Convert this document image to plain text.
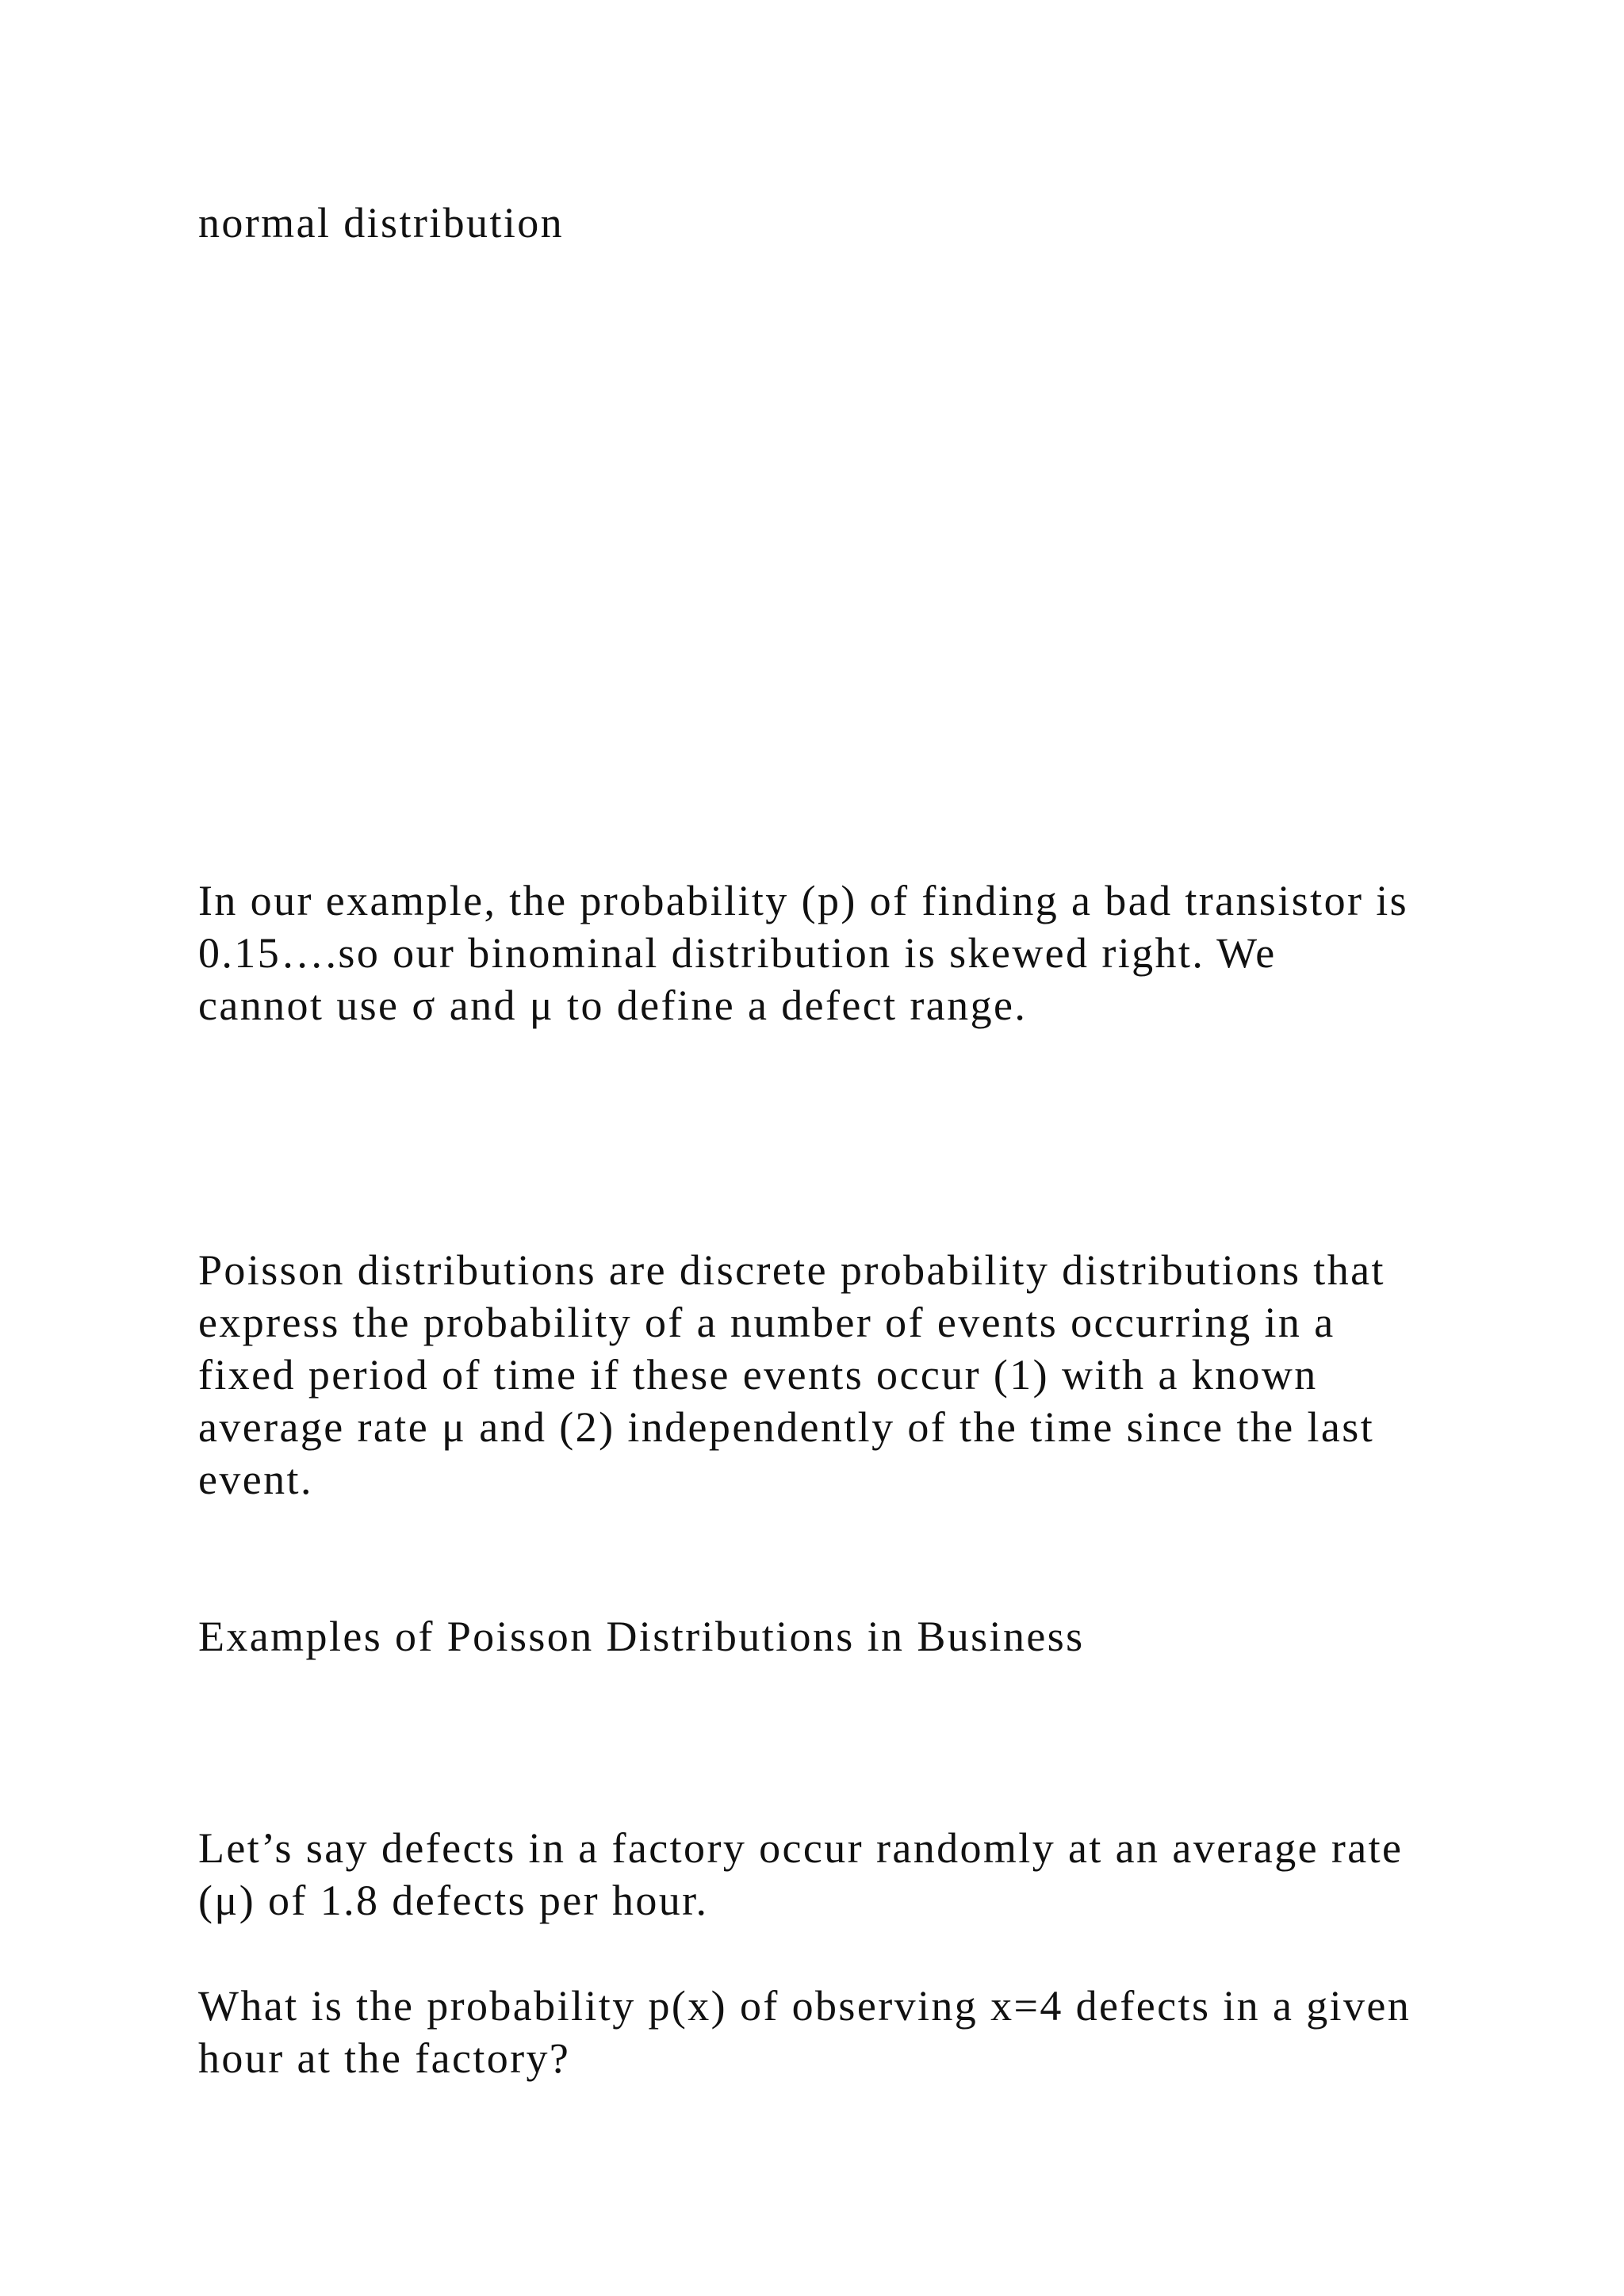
normal distribution
In our example, the probability (p) of finding a bad transistor is
0.15….so our binominal distribution is skewed right. We
cannot use σ and μ to define a defect range.
Poisson distributions are discrete probability distributions that
express the probability of a number of events occurring in a
fixed period of time if these events occur (1) with a known
average rate μ and (2) independently of the time since the last
event.
Examples of Poisson Distributions in Business
Let’s say defects in a factory occur randomly at an average rate
(μ) of 1.8 defects per hour.
What is the probability p(x) of observing x=4 defects in a given
hour at the factory?
